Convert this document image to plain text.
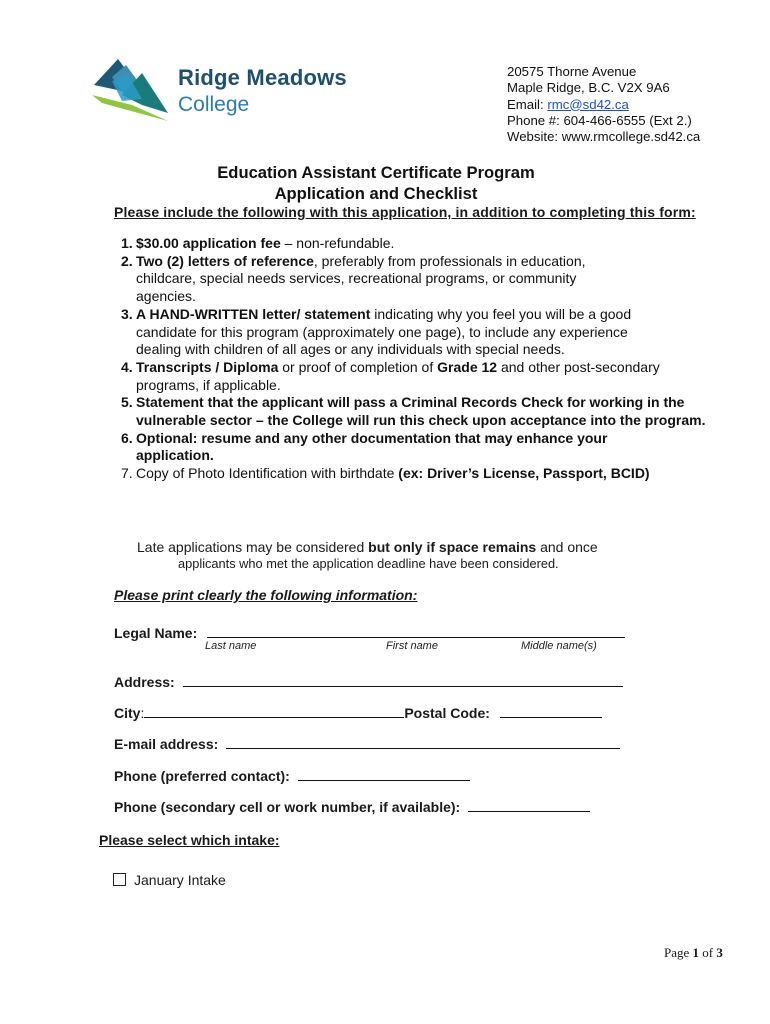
Ridge Meadows
College
20575 Thorne Avenue
Maple Ridge, B.C. V2X 9A6
Email: rmc@sd42.ca
Phone #: 604-466-6555 (Ext 2.)
Website: www.rmcollege.sd42.ca
Education Assistant Certificate Program
Application and Checklist
Please include the following with this application, in addition to completing this form:
1. $30.00 application fee – non-refundable.
2. Two (2) letters of reference, preferably from professionals in education, childcare, special needs services, recreational programs, or community agencies.
3. A HAND-WRITTEN letter/ statement indicating why you feel you will be a good candidate for this program (approximately one page), to include any experience dealing with children of all ages or any individuals with special needs.
4. Transcripts / Diploma or proof of completion of Grade 12 and other post-secondary programs, if applicable.
5. Statement that the applicant will pass a Criminal Records Check for working in the vulnerable sector – the College will run this check upon acceptance into the program.
6. Optional: resume and any other documentation that may enhance your application.
7. Copy of Photo Identification with birthdate (ex: Driver’s License, Passport, BCID)
Late applications may be considered but only if space remains and once
applicants who met the application deadline have been considered.
Please print clearly the following information:
Legal Name:
Last name	First name	Middle name(s)
Address:
City:	Postal Code:
E-mail address:
Phone (preferred contact):
Phone (secondary cell or work number, if available):
Please select which intake:
January Intake
Page 1 of 3
